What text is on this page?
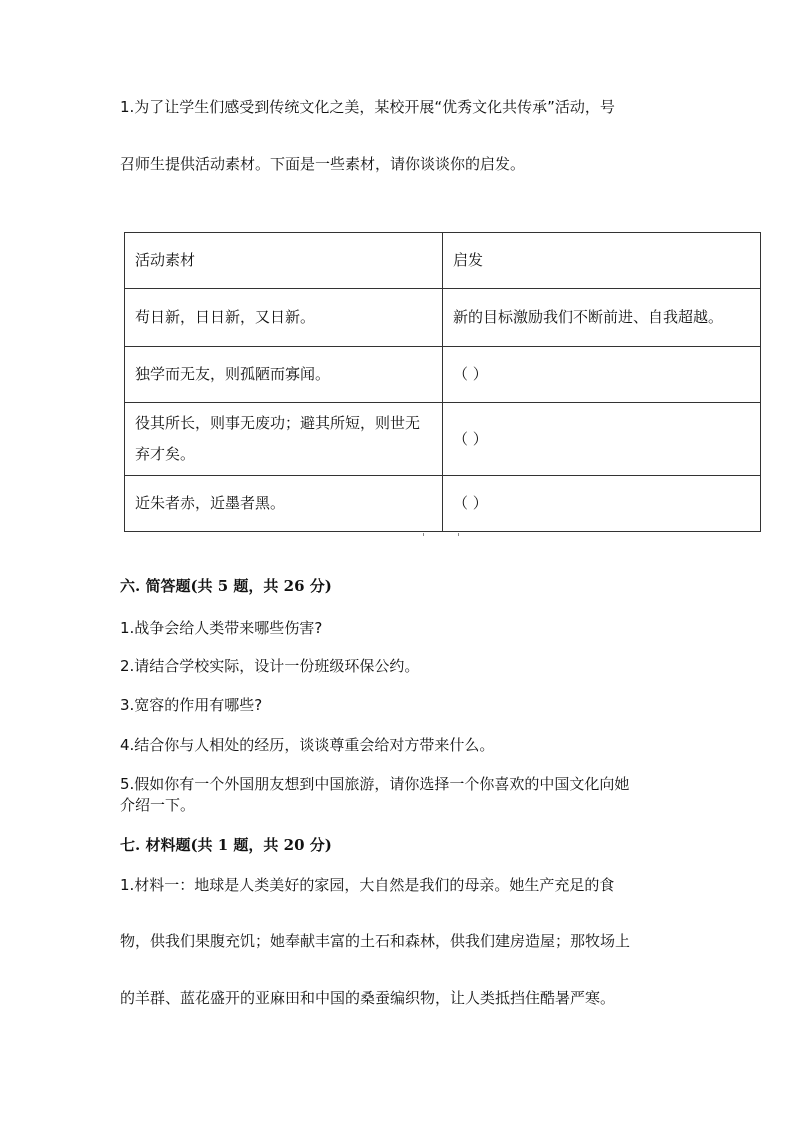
1.为了让学生们感受到传统文化之美，某校开展“优秀文化共传承”活动，号
召师生提供活动素材。下面是一些素材，请你谈谈你的启发。
活动素材	启发
苟日新，日日新，又日新。	新的目标激励我们不断前进、自我超越。
独学而无友，则孤陋而寡闻。	（ ）

役其所长，则事无废功；避其所短，则世无
弃才矣。	（ ）
近朱者赤，近墨者黑。	（ ）
六. 简答题(共 5 题，共 26 分)
1.战争会给人类带来哪些伤害?
2.请结合学校实际，设计一份班级环保公约。
3.宽容的作用有哪些?
4.结合你与人相处的经历，谈谈尊重会给对方带来什么。
5.假如你有一个外国朋友想到中国旅游，请你选择一个你喜欢的中国文化向她
介绍一下。
七. 材料题(共 1 题，共 20 分)
1.材料一：地球是人类美好的家园，大自然是我们的母亲。她生产充足的食
物，供我们果腹充饥；她奉献丰富的土石和森林，供我们建房造屋；那牧场上
的羊群、蓝花盛开的亚麻田和中国的桑蚕编织物，让人类抵挡住酷暑严寒。
